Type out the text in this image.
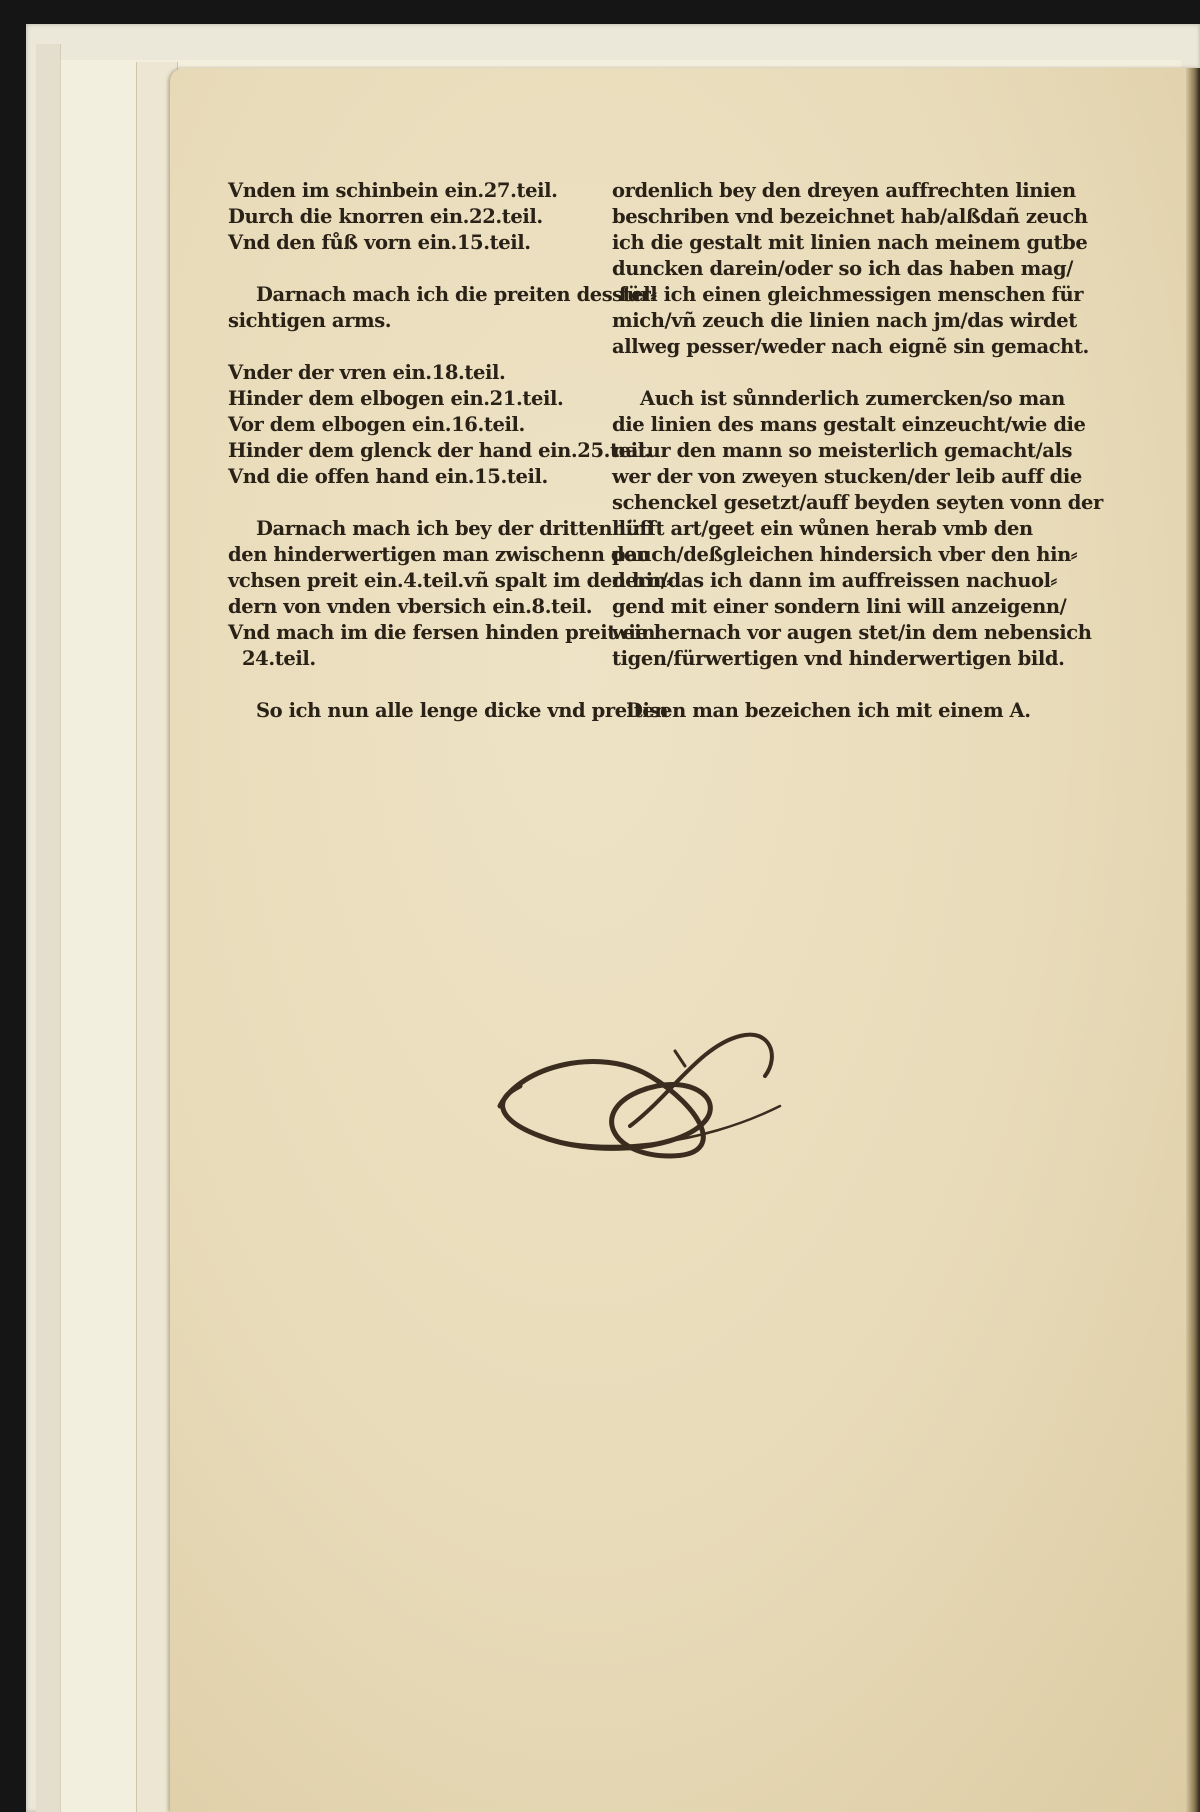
Vnden im schinbein ein.27.teil.
Durch die knorren ein.22.teil.
Vnd den fůß vorn ein.15.teil.
Darnach mach ich die preiten des für⸗
sichtigen arms.
Vnder der vren ein.18.teil.
Hinder dem elbogen ein.21.teil.
Vor dem elbogen ein.16.teil.
Hinder dem glenck der hand ein.25.teil.
Vnd die offen hand ein.15.teil.
Darnach mach ich bey der dritten lini
den hinderwertigen man zwischenn den
vchsen preit ein.4.teil.vñ spalt im den hin⸗
dern von vnden vbersich ein.8.teil.
Vnd mach im die fersen hinden preit ein
24.teil.
So ich nun alle lenge dicke vnd preiten
ordenlich bey den dreyen auffrechten linien
beschriben vnd bezeichnet hab/alßdañ zeuch
ich die gestalt mit linien nach meinem gutbe
duncken darein/oder so ich das haben mag/
stell ich einen gleichmessigen menschen für
mich/vñ zeuch die linien nach jm/das wirdet
allweg pesser/weder nach eignẽ sin gemacht.
Auch ist sůnnderlich zumercken/so man
die linien des mans gestalt einzeucht/wie die
natur den mann so meisterlich gemacht/als
wer der von zweyen stucken/der leib auff die
schenckel gesetzt/auff beyden seyten vonn der
hüfft art/geet ein wůnen herab vmb den
pauch/deßgleichen hindersich vber den hin⸗
dern/das ich dann im auffreissen nachuol⸗
gend mit einer sondern lini will anzeigenn/
wie hernach vor augen stet/in dem nebensich
tigen/fürwertigen vnd hinderwertigen bild.
Disen man bezeichen ich mit einem A.
